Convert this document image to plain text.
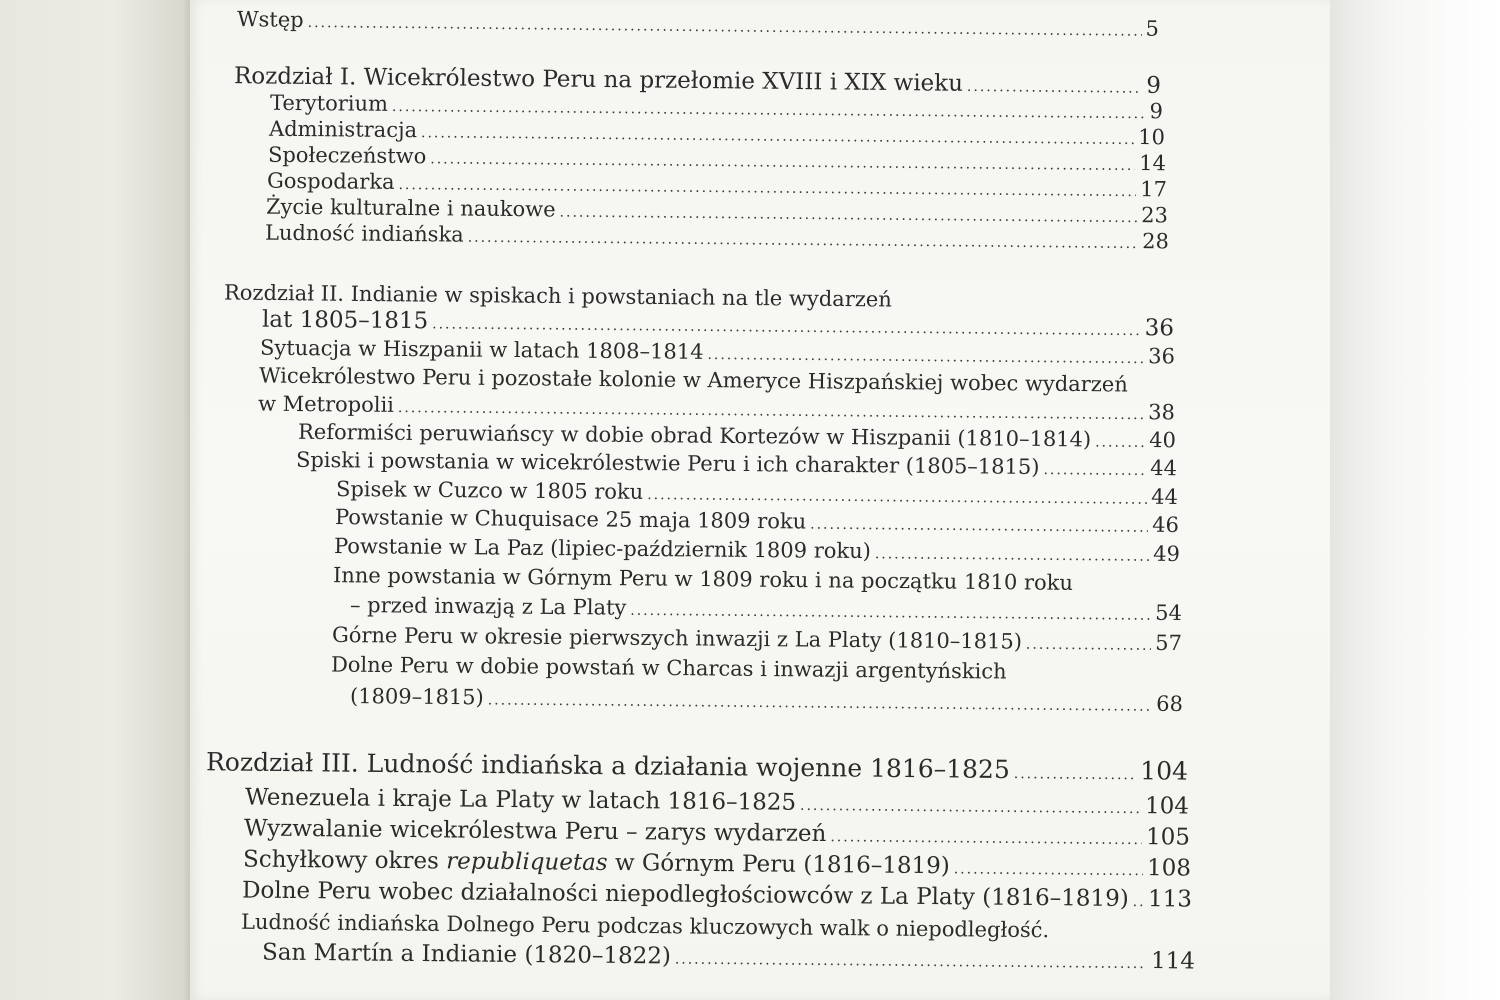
Wstęp .....	5
Rozdział I. Wicekrólestwo Peru na przełomie XVIII i XIX wieku .....	9
Terytorium .....	9
Administracja .....	10
Społeczeństwo .....	14
Gospodarka .....	17
Życie kulturalne i naukowe .....	23
Ludność indiańska .....	28
Rozdział II. Indianie w spiskach i powstaniach na tle wydarzeń
lat 1805–1815 .....	36
Sytuacja w Hiszpanii w latach 1808–1814 .....	36
Wicekrólestwo Peru i pozostałe kolonie w Ameryce Hiszpańskiej wobec wydarzeń
w Metropolii .....	38
Reformiści peruwiańscy w dobie obrad Kortezów w Hiszpanii (1810–1814) .....	40
Spiski i powstania w wicekrólestwie Peru i ich charakter (1805–1815) .....	44
Spisek w Cuzco w 1805 roku .....	44
Powstanie w Chuquisace 25 maja 1809 roku .....	46
Powstanie w La Paz (lipiec-październik 1809 roku) .....	49
Inne powstania w Górnym Peru w 1809 roku i na początku 1810 roku
– przed inwazją z La Platy .....	54
Górne Peru w okresie pierwszych inwazji z La Platy (1810–1815) .....	57
Dolne Peru w dobie powstań w Charcas i inwazji argentyńskich
(1809–1815) .....	68
Rozdział III. Ludność indiańska a działania wojenne 1816–1825 .....	104
Wenezuela i kraje La Platy w latach 1816–1825 .....	104
Wyzwalanie wicekrólestwa Peru – zarys wydarzeń .....	105
Schyłkowy okres republiquetas w Górnym Peru (1816–1819) .....	108
Dolne Peru wobec działalności niepodległościowców z La Platy (1816–1819) ..... 113
Ludność indiańska Dolnego Peru podczas kluczowych walk o niepodległość.
San Martín a Indianie (1820–1822) .....	114
